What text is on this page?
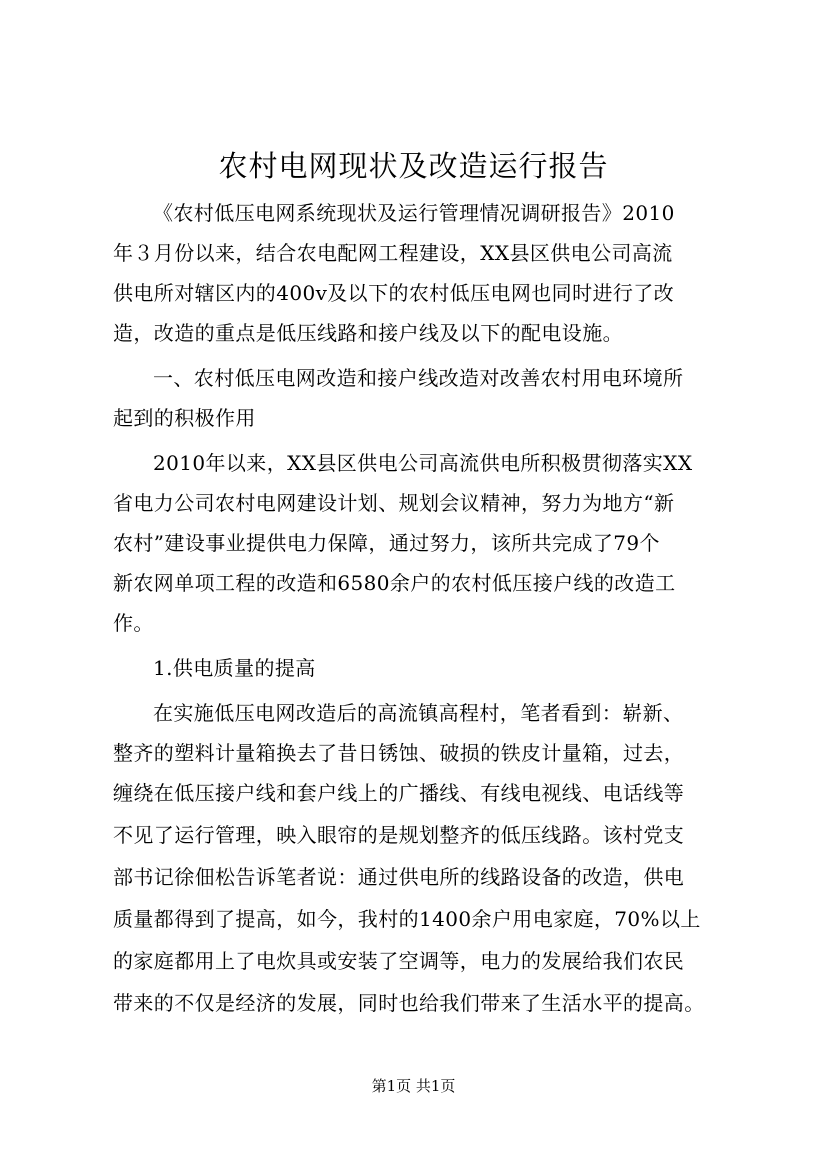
农村电网现状及改造运行报告
《农村低压电网系统现状及运行管理情况调研报告》2010
年３月份以来，结合农电配网工程建设，XX县区供电公司高流
供电所对辖区内的400v及以下的农村低压电网也同时进行了改
造，改造的重点是低压线路和接户线及以下的配电设施。
一、农村低压电网改造和接户线改造对改善农村用电环境所
起到的积极作用
2010年以来，XX县区供电公司高流供电所积极贯彻落实XX
省电力公司农村电网建设计划、规划会议精神，努力为地方“新
农村”建设事业提供电力保障，通过努力，该所共完成了79个
新农网单项工程的改造和6580余户的农村低压接户线的改造工
作。
1.供电质量的提高
在实施低压电网改造后的高流镇高程村，笔者看到：崭新、
整齐的塑料计量箱换去了昔日锈蚀、破损的铁皮计量箱，过去，
缠绕在低压接户线和套户线上的广播线、有线电视线、电话线等
不见了运行管理，映入眼帘的是规划整齐的低压线路。该村党支
部书记徐佃松告诉笔者说：通过供电所的线路设备的改造，供电
质量都得到了提高，如今，我村的1400余户用电家庭，70%以上
的家庭都用上了电炊具或安装了空调等，电力的发展给我们农民
带来的不仅是经济的发展，同时也给我们带来了生活水平的提高。
第1页 共1页
